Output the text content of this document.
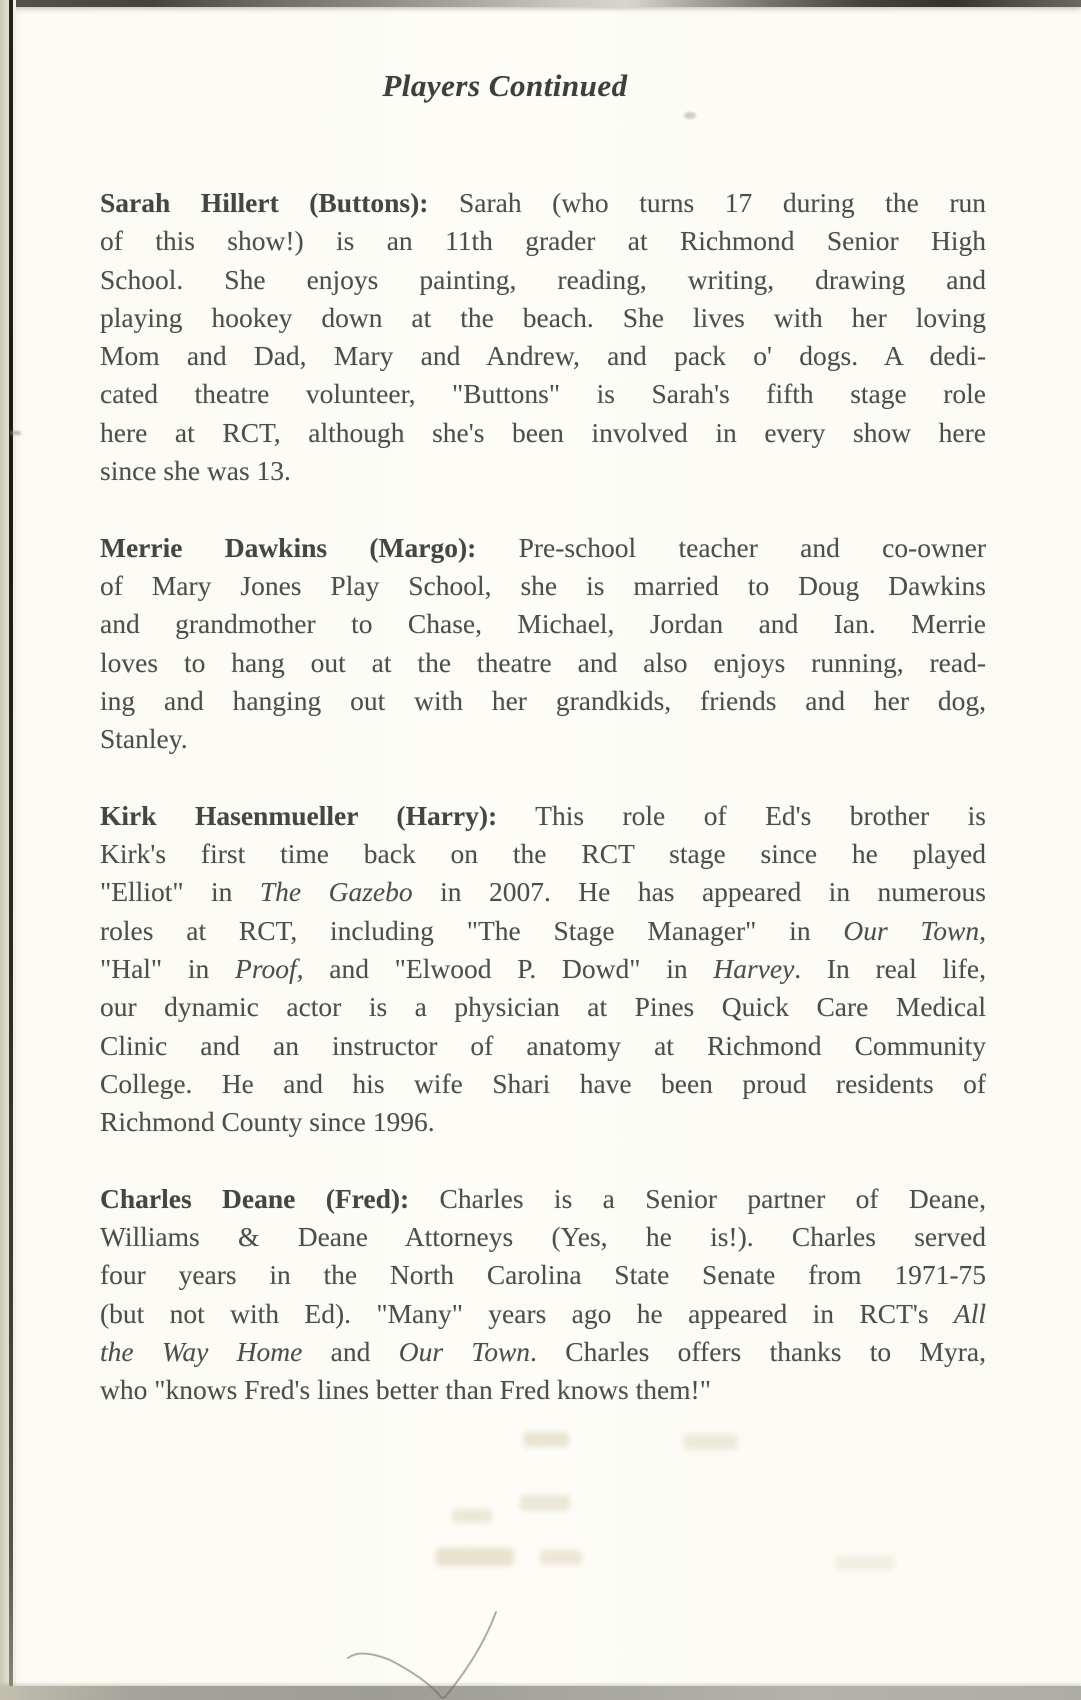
Players Continued
Sarah Hillert (Buttons): Sarah (who turns 17 during the run
of this show!) is an 11th grader at Richmond Senior High
School. She enjoys painting, reading, writing, drawing and
playing hookey down at the beach. She lives with her loving
Mom and Dad, Mary and Andrew, and pack o' dogs. A dedi-
cated theatre volunteer, "Buttons" is Sarah's fifth stage role
here at RCT, although she's been involved in every show here
since she was 13.
Merrie Dawkins (Margo): Pre-school teacher and co-owner
of Mary Jones Play School, she is married to Doug Dawkins
and grandmother to Chase, Michael, Jordan and Ian. Merrie
loves to hang out at the theatre and also enjoys running, read-
ing and hanging out with her grandkids, friends and her dog,
Stanley.
Kirk Hasenmueller (Harry): This role of Ed's brother is
Kirk's first time back on the RCT stage since he played
"Elliot" in The Gazebo in 2007. He has appeared in numerous
roles at RCT, including "The Stage Manager" in Our Town,
"Hal" in Proof, and "Elwood P. Dowd" in Harvey. In real life,
our dynamic actor is a physician at Pines Quick Care Medical
Clinic and an instructor of anatomy at Richmond Community
College. He and his wife Shari have been proud residents of
Richmond County since 1996.
Charles Deane (Fred): Charles is a Senior partner of Deane,
Williams & Deane Attorneys (Yes, he is!). Charles served
four years in the North Carolina State Senate from 1971-75
(but not with Ed). "Many" years ago he appeared in RCT's All
the Way Home and Our Town. Charles offers thanks to Myra,
who "knows Fred's lines better than Fred knows them!"
